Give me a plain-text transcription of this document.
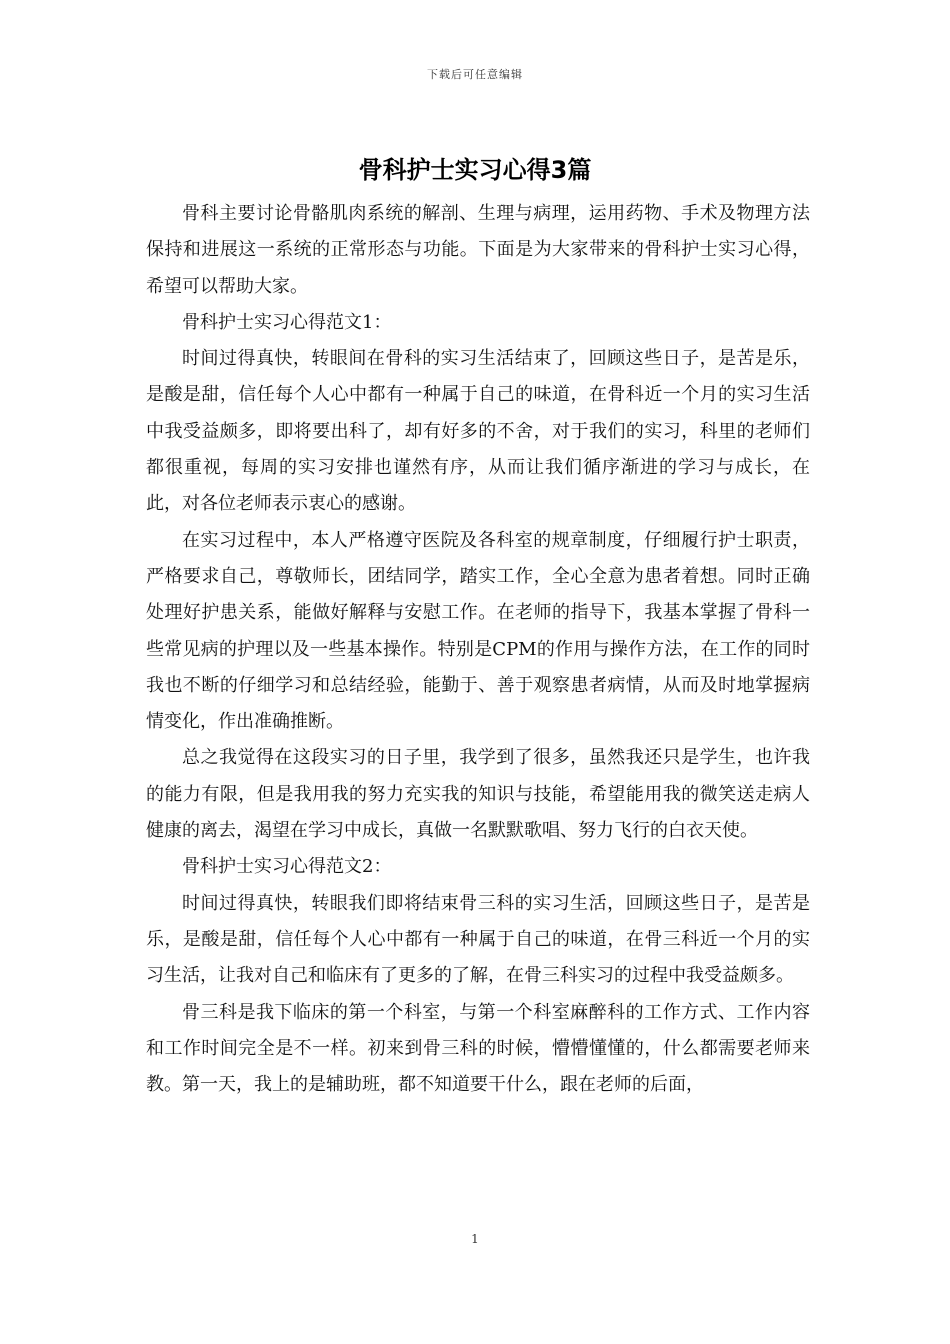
下载后可任意编辑
骨科护士实习心得3篇

骨科主要讨论骨骼肌肉系统的解剖、生理与病理，运用药物、手术及物理方法保持和进展这一系统的正常形态与功能。下面是为大家带来的骨科护士实习心得，希望可以帮助大家。

骨科护士实习心得范文1：

时间过得真快，转眼间在骨科的实习生活结束了，回顾这些日子，是苦是乐，是酸是甜，信任每个人心中都有一种属于自己的味道，在骨科近一个月的实习生活中我受益颇多，即将要出科了，却有好多的不舍，对于我们的实习，科里的老师们都很重视，每周的实习安排也谨然有序，从而让我们循序渐进的学习与成长，在此，对各位老师表示衷心的感谢。

在实习过程中，本人严格遵守医院及各科室的规章制度，仔细履行护士职责，严格要求自己，尊敬师长，团结同学，踏实工作，全心全意为患者着想。同时正确处理好护患关系，能做好解释与安慰工作。在老师的指导下，我基本掌握了骨科一些常见病的护理以及一些基本操作。特别是CPM的作用与操作方法，在工作的同时我也不断的仔细学习和总结经验，能勤于、善于观察患者病情，从而及时地掌握病情变化，作出准确推断。

总之我觉得在这段实习的日子里，我学到了很多，虽然我还只是学生，也许我的能力有限，但是我用我的努力充实我的知识与技能，希望能用我的微笑送走病人健康的离去，渴望在学习中成长，真做一名默默歌唱、努力飞行的白衣天使。

骨科护士实习心得范文2：

时间过得真快，转眼我们即将结束骨三科的实习生活，回顾这些日子，是苦是乐，是酸是甜，信任每个人心中都有一种属于自己的味道，在骨三科近一个月的实习生活，让我对自己和临床有了更多的了解，在骨三科实习的过程中我受益颇多。

骨三科是我下临床的第一个科室，与第一个科室麻醉科的工作方式、工作内容和工作时间完全是不一样。初来到骨三科的时候，懵懵懂懂的，什么都需要老师来教。第一天，我上的是辅助班，都不知道要干什么，跟在老师的后面，

1
